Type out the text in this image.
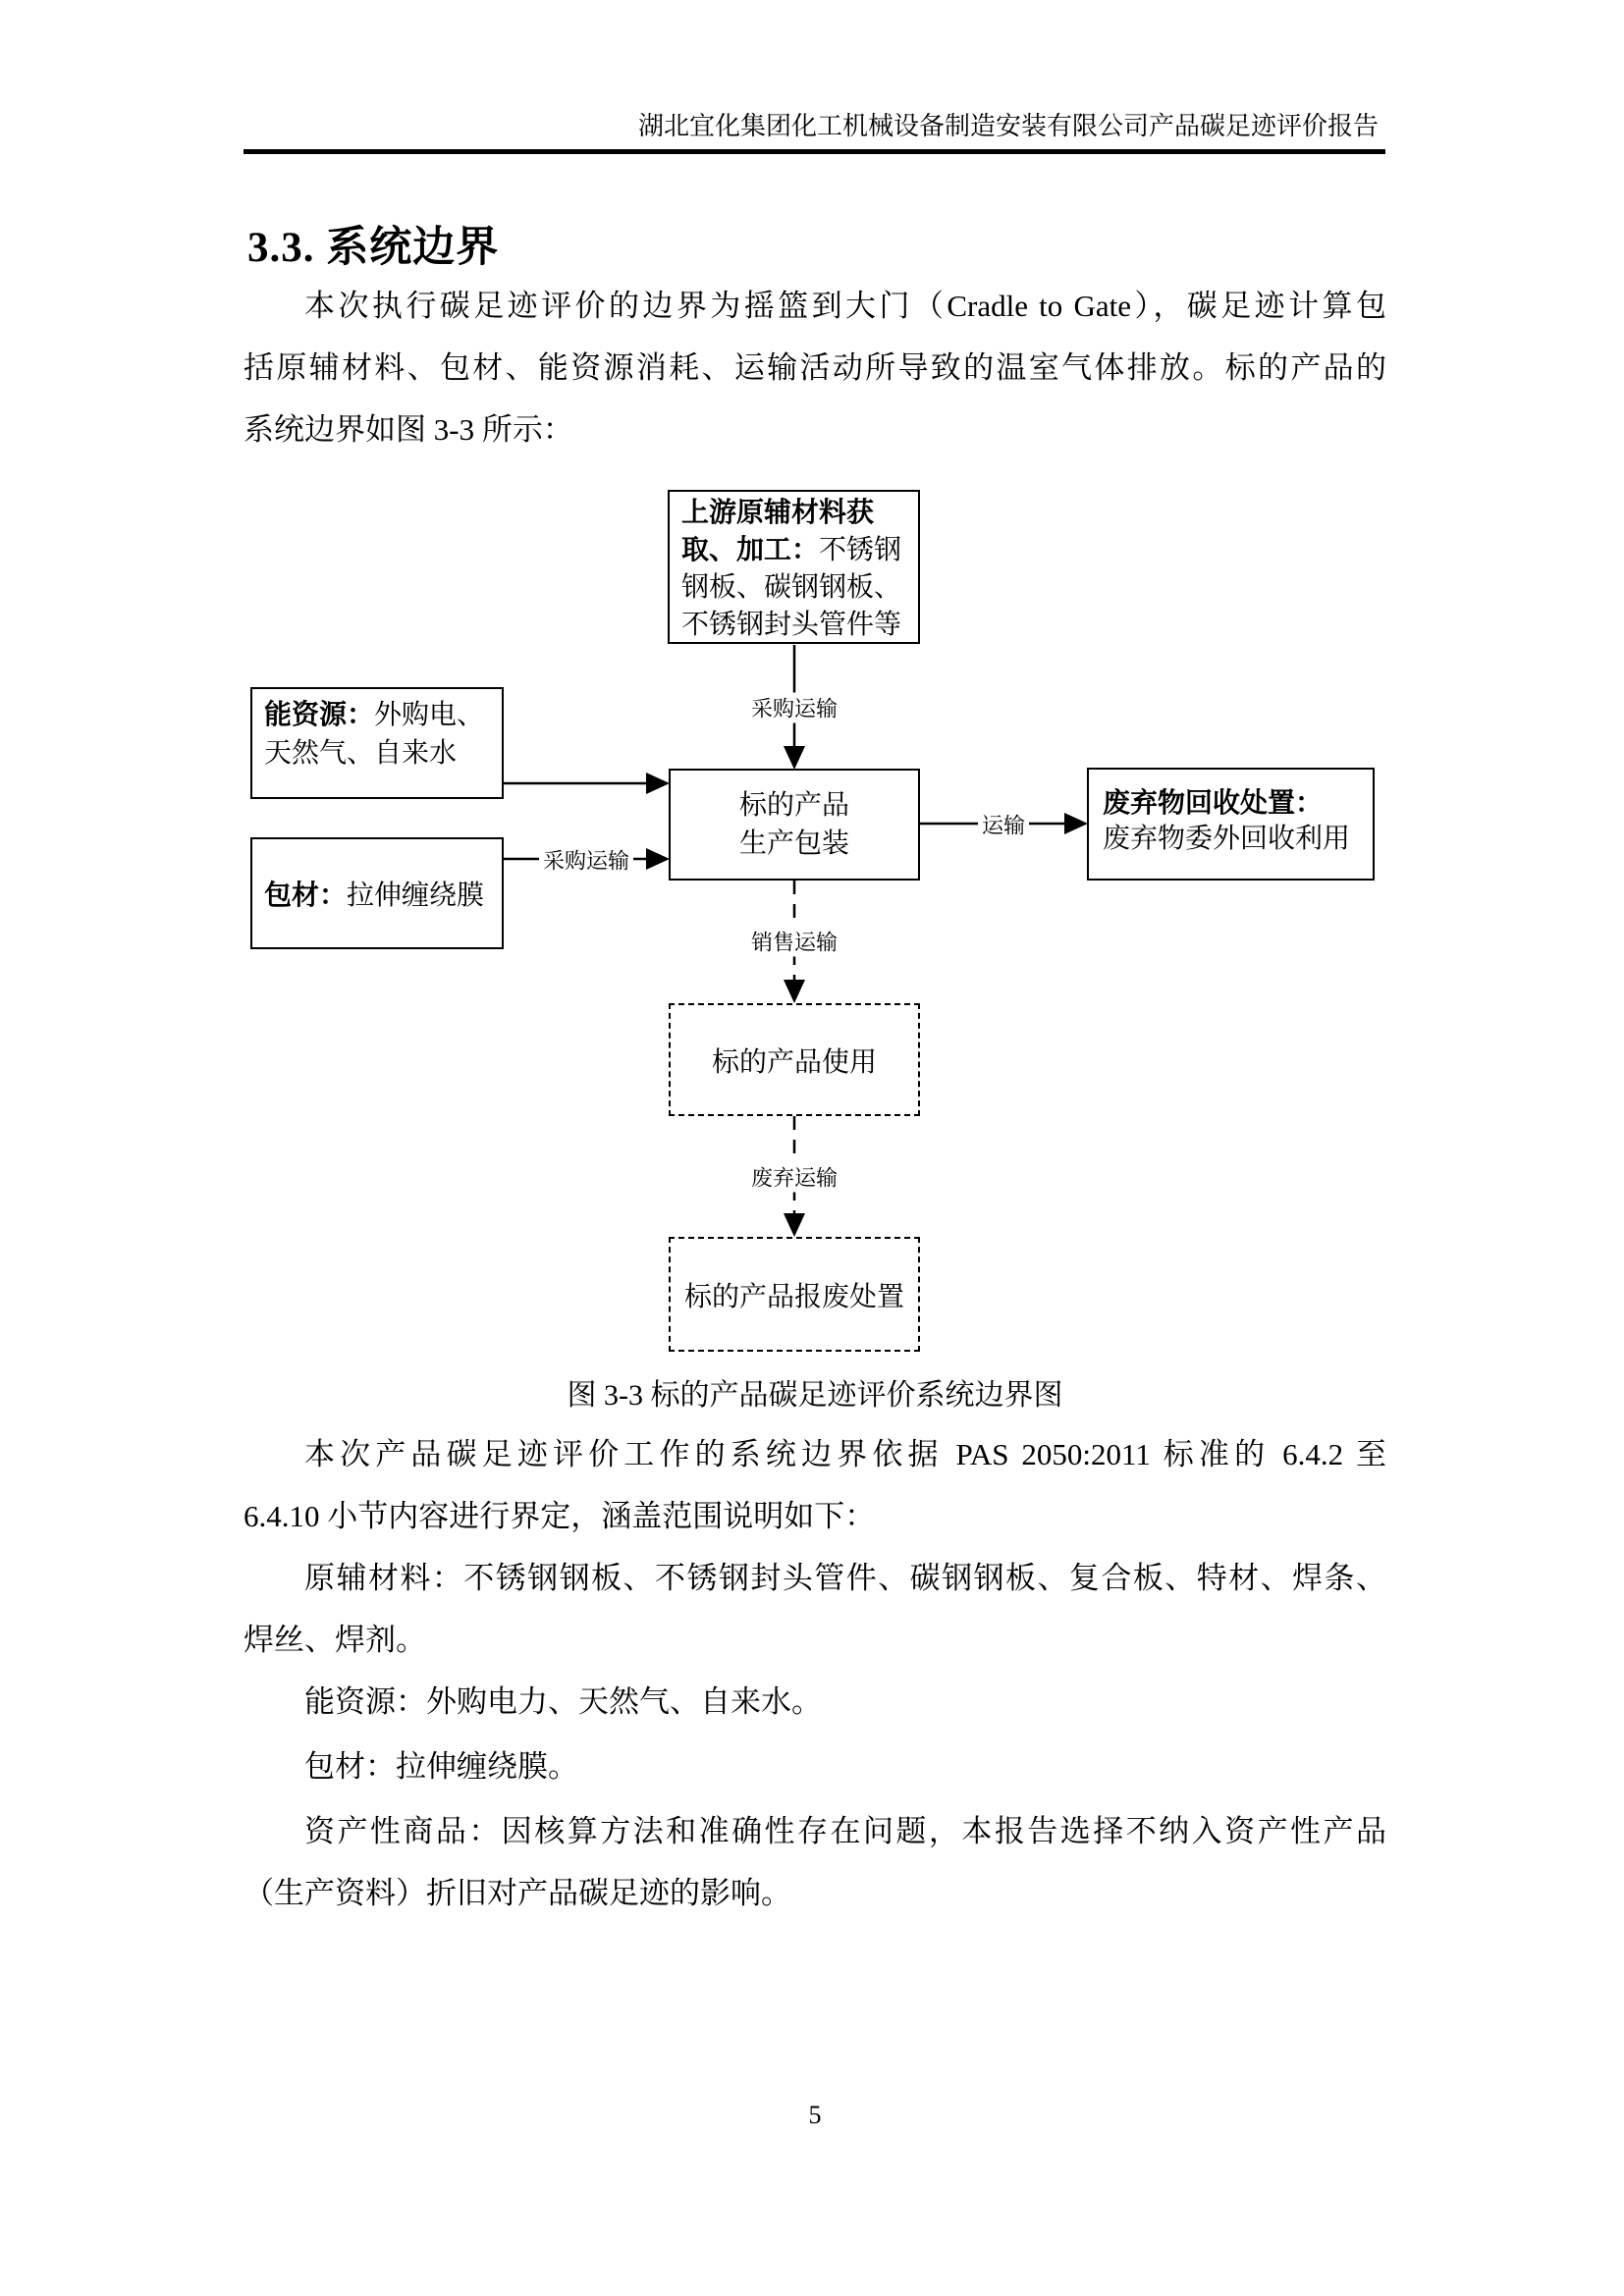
湖北宜化集团化工机械设备制造安装有限公司产品碳足迹评价报告
3.3. 系统边界
本次执行碳足迹评价的边界为摇篮到大门（Cradle to Gate），碳足迹计算包
括原辅材料、包材、能资源消耗、运输活动所导致的温室气体排放。标的产品的
系统边界如图 3-3 所示：
上游原辅材料获取、加工：不锈钢钢板、碳钢钢板、不锈钢封头管件等
能资源：外购电、天然气、自来水
包材：拉伸缠绕膜
标的产品
生产包装
废弃物回收处置：
废弃物委外回收利用
标的产品使用
标的产品报废处置
采购运输
采购运输
运输
销售运输
废弃运输
图 3-3 标的产品碳足迹评价系统边界图
本次产品碳足迹评价工作的系统边界依据 PAS 2050:2011 标准的 6.4.2 至
6.4.10 小节内容进行界定，涵盖范围说明如下：
原辅材料：不锈钢钢板、不锈钢封头管件、碳钢钢板、复合板、特材、焊条、
焊丝、焊剂。
能资源：外购电力、天然气、自来水。
包材：拉伸缠绕膜。
资产性商品：因核算方法和准确性存在问题，本报告选择不纳入资产性产品
（生产资料）折旧对产品碳足迹的影响。
5
